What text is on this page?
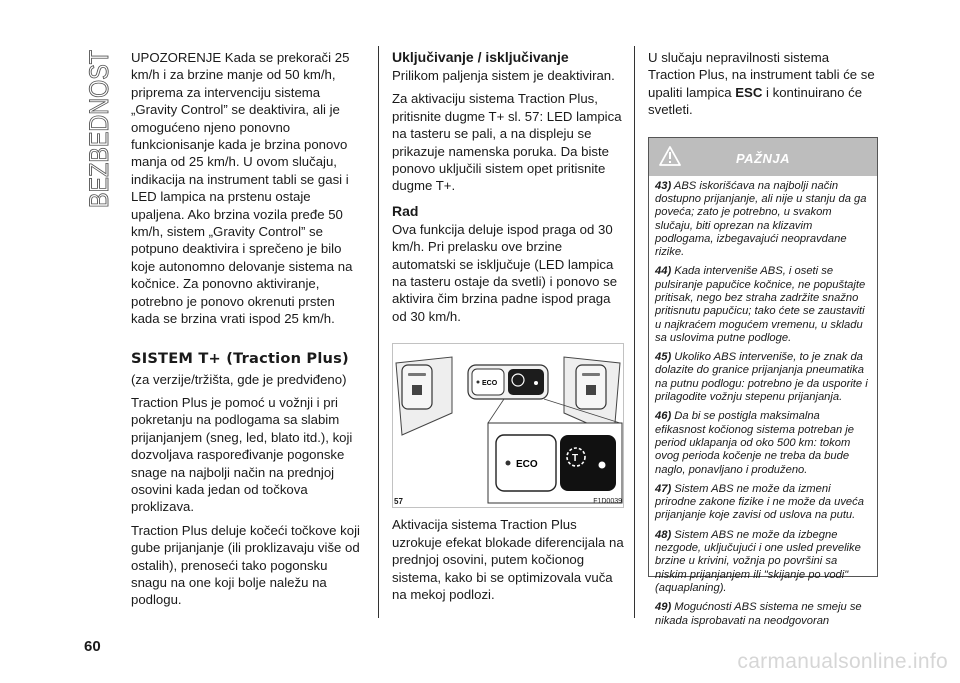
BEZBEDNOST UPOZORENJE Kada se prekorači 25 km/h i za brzine manje od 50 km/h, priprema za intervenciju sistema „Gravity Control” se deaktivira, ali je omogućeno njeno ponovno funkcionisanje kada je brzina ponovo manja od 25 km/h. U ovom slučaju, indikacija na instrument tabli se gasi i LED lampica na prstenu ostaje upaljena. Ako brzina vozila pređe 50 km/h, sistem „Gravity Control” se potpuno deaktivira i sprečeno je bilo koje autonomno delovanje sistema na kočnice. Za ponovno aktiviranje, potrebno je ponovo okrenuti prsten kada se brzina vrati ispod 25 km/h.

SISTEM T+ (Traction Plus)

(za verzije/tržišta, gde je predviđeno)

Traction Plus je pomoć u vožnji i pri pokretanju na podlogama sa slabim prijanjanjem (sneg, led, blato itd.), koji dozvoljava raspoređivanje pogonske snage na najbolji način na prednjoj osovini kada jedan od točkova proklizava.

Traction Plus deluje kočeći točkove koji gube prijanjanje (ili proklizavaju više od ostalih), prenoseći tako pogonsku snagu na one koji bolje naležu na podlogu.

Uključivanje / isključivanje

Prilikom paljenja sistem je deaktiviran.

Za aktivaciju sistema Traction Plus, pritisnite dugme T+ sl. 57: LED lampica na tasteru se pali, a na displeju se prikazuje namenska poruka. Da biste ponovo uključili sistem opet pritisnite dugme T+.

Rad

Ova funkcija deluje ispod praga od 30 km/h. Pri prelasku ove brzine automatski se isključuje (LED lampica na tasteru ostaje da svetli) i ponovo se aktivira čim brzina padne ispod praga od 30 km/h.

ECO
ECO
T
57	F1D0039

Aktivacija sistema Traction Plus uzrokuje efekat blokade diferencijala na prednjoj osovini, putem kočionog sistema, kako bi se optimizovala vuča na mekoj podlozi.

U slučaju nepravilnosti sistema Traction Plus, na instrument tabli će se upaliti lampica ESC i kontinuirano će svetleti.

PAŽNJA

43) ABS iskorišćava na najbolji način dostupno prijanjanje, ali nije u stanju da ga poveća; zato je potrebno, u svakom slučaju, biti oprezan na klizavim podlogama, izbegavajući neopravdane rizike.

44) Kada interveniše ABS, i oseti se pulsiranje papučice kočnice, ne popuštajte pritisak, nego bez straha zadržite snažno pritisnutu papučicu; tako ćete se zaustaviti u najkraćem mogućem vremenu, u skladu sa uslovima putne podloge.

45) Ukoliko ABS interveniše, to je znak da dolazite do granice prijanjanja pneumatika na putnu podlogu: potrebno je da usporite i prilagodite vožnju stepenu prijanjanja.

46) Da bi se postigla maksimalna efikasnost kočionog sistema potreban je period uklapanja od oko 500 km: tokom ovog perioda kočenje ne treba da bude naglo, ponavljano i produženo.

47) Sistem ABS ne može da izmeni prirodne zakone fizike i ne može da uveća prijanjanje koje zavisi od uslova na putu.

48) Sistem ABS ne može da izbegne nezgode, uključujući i one usled prevelike brzine u krivini, vožnja po površini sa niskim prijanjanjem ili "skijanje po vodi" (aquaplaning).

49) Mogućnosti ABS sistema ne smeju se nikada isprobavati na neodgovoran

60
carmanualsonline.info
